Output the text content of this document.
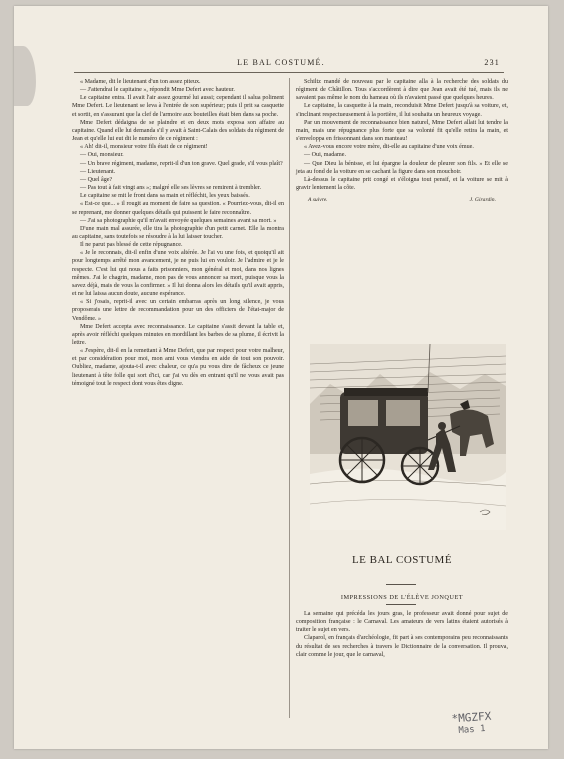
LE BAL COSTUMÉ.	231

« Madame, dit le lieutenant d'un ton assez piteux.

— J'attendrai le capitaine », répondit Mme Defert avec hauteur.

Le capitaine entra. Il avait l'air assez gourmé lui aussi; cependant il salua poliment Mme Defert. Le lieutenant se leva à l'entrée de son supérieur; puis il prit sa casquette et sortit, en s'assurant que la clef de l'armoire aux bouteilles était bien dans sa poche.

Mme Defert dédaigna de se plaindre et en deux mots exposa son affaire au capitaine. Quand elle lui demanda s'il y avait à Saint-Calais des soldats du régiment de Jean et qu'elle lui eut dit le numéro de ce régiment :

« Ah! dit-il, monsieur votre fils était de ce régiment!

— Oui, monsieur.

— Un brave régiment, madame, reprit-il d'un ton grave. Quel grade, s'il vous plaît?

— Lieutenant.

— Quel âge?

— Pas tout à fait vingt ans »; malgré elle ses lèvres se remirent à trembler.

Le capitaine se mit le front dans sa main et réfléchit, les yeux baissés.

« Est-ce que... » il rougit au moment de faire sa question. « Pourriez-vous, dit-il en se reprenant, me donner quelques détails qui puissent le faire reconnaître.

— J'ai sa photographie qu'il m'avait envoyée quelques semaines avant sa mort. »

D'une main mal assurée, elle tira la photographie d'un petit carnet. Elle la montra au capitaine, sans toutefois se résoudre à la lui laisser toucher.

Il ne parut pas blessé de cette répugnance.

« Je le reconnais, dit-il enfin d'une voix altérée. Je l'ai vu une fois, et quoiqu'il ait pour longtemps arrêté mon avancement, je ne puis lui en vouloir. Je l'admire et je le respecte. C'est lui qui nous a faits prisonniers, mon général et moi, dans nos lignes mêmes. J'ai le chagrin, madame, mon pas de vous annoncer sa mort, puisque vous la savez déjà, mais de vous la confirmer. » Il lui donna alors les détails qu'il avait appris, et ne lui laissa aucun doute, aucune espérance.

« Si j'osais, reprit-il avec un certain embarras après un long silence, je vous proposerais une lettre de recommandation pour un des officiers de l'état-major de Vendôme. »

Mme Defert accepta avec reconnaissance. Le capitaine s'assit devant la table et, après avoir réfléchi quelques minutes en mordillant les barbes de sa plume, il écrivit la lettre.

« J'espère, dit-il en la remettant à Mme Defert, que par respect pour votre malheur, et par considération pour moi, mon ami vous viendra en aide de tout son pouvoir. Oubliez, madame, ajouta-t-il avec chaleur, ce qu'a pu vous dire de fâcheux ce jeune lieutenant à tête folle qui sort d'ici, car j'ai vu dès en entrant qu'il ne vous avait pas témoigné tout le respect dont vous êtes digne.

Schiltz mandé de nouveau par le capitaine alla à la recherche des soldats du régiment de Châtillon. Tous s'accordèrent à dire que Jean avait été tué, mais ils ne savaient pas même le nom du hameau où ils n'avaient passé que quelques heures.

Le capitaine, la casquette à la main, reconduisit Mme Defert jusqu'à sa voiture, et, s'inclinant respectueusement à la portière, il lui souhaita un heureux voyage.

Par un mouvement de reconnaissance bien naturel, Mme Defert allait lui tendre la main, mais une répugnance plus forte que sa volonté fit qu'elle retira la main, et s'enveloppa en frissonnant dans son manteau!

« Avez-vous encore votre mère, dit-elle au capitaine d'une voix émue.

— Oui, madame.

— Que Dieu la bénisse, et lui épargne la douleur de pleurer son fils. » Et elle se jeta au fond de la voiture en se cachant la figure dans son mouchoir.

Là-dessus le capitaine prit congé et s'éloigna tout pensif, et la voiture se mit à gravir lentement la côte.

A suivre.	J. Girardin.
LE BAL COSTUMÉ
IMPRESSIONS DE L'ÉLÈVE JONQUET

La semaine qui précéda les jours gras, le professeur avait donné pour sujet de composition française : le Carnaval. Les amateurs de vers latins étaient autorisés à traiter le sujet en vers.

Claparol, en français d'archéologie, fit part à ses contemporains peu reconnaissants du résultat de ses recherches à travers le Dictionnaire de la conversation. Il prouva, clair comme le jour, que le carnaval,

*MGZFX
Mas 1
